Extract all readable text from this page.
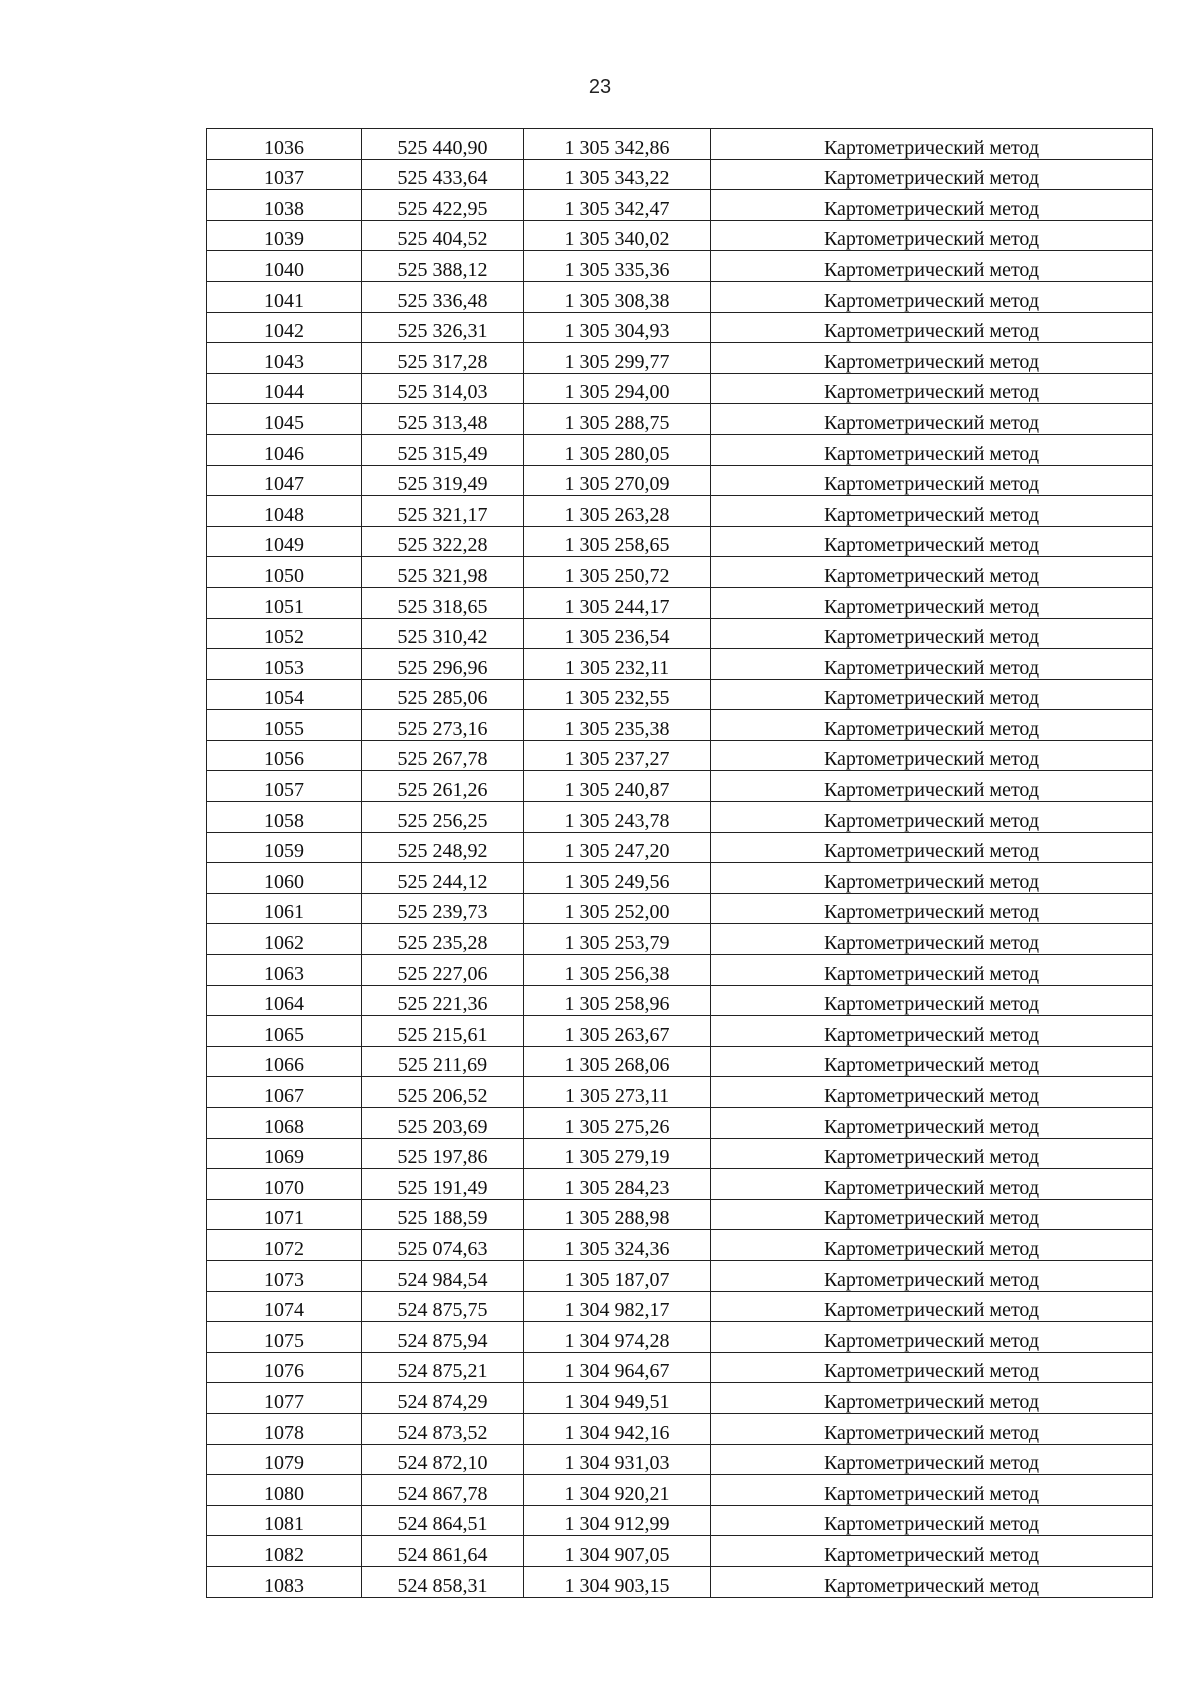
23
1036	525 440,90	1 305 342,86	Картометрический метод
1037	525 433,64	1 305 343,22	Картометрический метод
1038	525 422,95	1 305 342,47	Картометрический метод
1039	525 404,52	1 305 340,02	Картометрический метод
1040	525 388,12	1 305 335,36	Картометрический метод
1041	525 336,48	1 305 308,38	Картометрический метод
1042	525 326,31	1 305 304,93	Картометрический метод
1043	525 317,28	1 305 299,77	Картометрический метод
1044	525 314,03	1 305 294,00	Картометрический метод
1045	525 313,48	1 305 288,75	Картометрический метод
1046	525 315,49	1 305 280,05	Картометрический метод
1047	525 319,49	1 305 270,09	Картометрический метод
1048	525 321,17	1 305 263,28	Картометрический метод
1049	525 322,28	1 305 258,65	Картометрический метод
1050	525 321,98	1 305 250,72	Картометрический метод
1051	525 318,65	1 305 244,17	Картометрический метод
1052	525 310,42	1 305 236,54	Картометрический метод
1053	525 296,96	1 305 232,11	Картометрический метод
1054	525 285,06	1 305 232,55	Картометрический метод
1055	525 273,16	1 305 235,38	Картометрический метод
1056	525 267,78	1 305 237,27	Картометрический метод
1057	525 261,26	1 305 240,87	Картометрический метод
1058	525 256,25	1 305 243,78	Картометрический метод
1059	525 248,92	1 305 247,20	Картометрический метод
1060	525 244,12	1 305 249,56	Картометрический метод
1061	525 239,73	1 305 252,00	Картометрический метод
1062	525 235,28	1 305 253,79	Картометрический метод
1063	525 227,06	1 305 256,38	Картометрический метод
1064	525 221,36	1 305 258,96	Картометрический метод
1065	525 215,61	1 305 263,67	Картометрический метод
1066	525 211,69	1 305 268,06	Картометрический метод
1067	525 206,52	1 305 273,11	Картометрический метод
1068	525 203,69	1 305 275,26	Картометрический метод
1069	525 197,86	1 305 279,19	Картометрический метод
1070	525 191,49	1 305 284,23	Картометрический метод
1071	525 188,59	1 305 288,98	Картометрический метод
1072	525 074,63	1 305 324,36	Картометрический метод
1073	524 984,54	1 305 187,07	Картометрический метод
1074	524 875,75	1 304 982,17	Картометрический метод
1075	524 875,94	1 304 974,28	Картометрический метод
1076	524 875,21	1 304 964,67	Картометрический метод
1077	524 874,29	1 304 949,51	Картометрический метод
1078	524 873,52	1 304 942,16	Картометрический метод
1079	524 872,10	1 304 931,03	Картометрический метод
1080	524 867,78	1 304 920,21	Картометрический метод
1081	524 864,51	1 304 912,99	Картометрический метод
1082	524 861,64	1 304 907,05	Картометрический метод
1083	524 858,31	1 304 903,15	Картометрический метод
